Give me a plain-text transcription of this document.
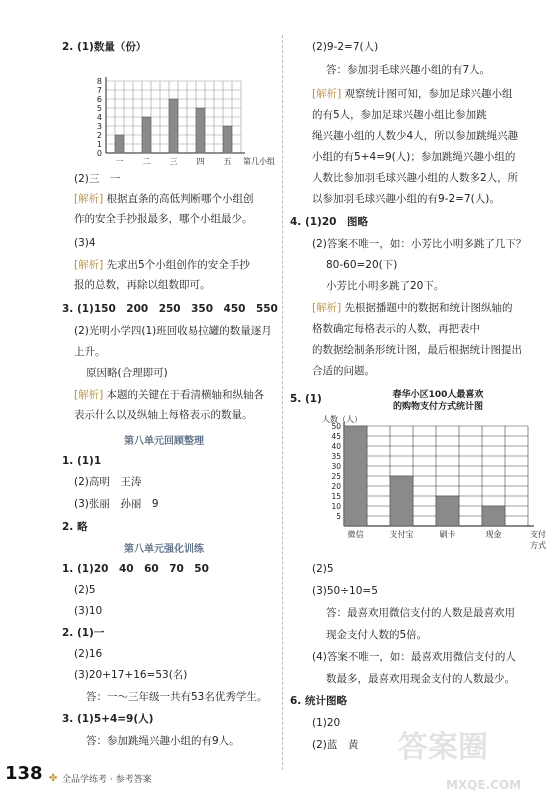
2. (1)数量（份）
8
7
6
5
4
3
2
1
0
一 二 三 四 五 第几小组
(2)三　一
[解析] 根据直条的高低判断哪个小组创
作的安全手抄报最多，哪个小组最少。
(3)4
[解析] 先求出5个小组创作的安全手抄
报的总数，再除以组数即可。
3. (1)150　200　250　350　450　550
(2)光明小学四(1)班回收易拉罐的数量逐月
上升。
原因略(合理即可)
[解析] 本题的关键在于看清横轴和纵轴各
表示什么以及纵轴上每格表示的数量。
第八单元回顾整理
1. (1)1
(2)高明　王涛
(3)张丽　孙丽　9
2. 略
第八单元强化训练
1. (1)20　40　60　70　50
(2)5
(3)10
2. (1)一
(2)16
(3)20+17+16=53(名)
答：一～三年级一共有53名优秀学生。
3. (1)5+4=9(人)
答：参加跳绳兴趣小组的有9人。
(2)9-2=7(人)
答：参加羽毛球兴趣小组的有7人。
[解析] 观察统计图可知，参加足球兴趣小组
的有5人，参加足球兴趣小组比参加跳
绳兴趣小组的人数少4人，所以参加跳绳兴趣
小组的有5+4=9(人)；参加跳绳兴趣小组的
人数比参加羽毛球兴趣小组的人数多2人，所
以参加羽毛球兴趣小组的有9-2=7(人)。
4. (1)20　图略
(2)答案不唯一，如：小芳比小明多跳了几下？
80-60=20(下)
小芳比小明多跳了20下。
[解析] 先根据播题中的数据和统计图纵轴的
格数确定每格表示的人数，再把表中
的数据绘制条形统计图，最后根据统计图提出
合适的问题。
5. (1)	春华小区100人最喜欢
的购物支付方式统计图
人数（人）
50
45
40
35
30
25
20
15
10
5
微信	支付宝	刷卡	现金	支付
方式
(2)5
(3)50÷10=5
答：最喜欢用微信支付的人数是最喜欢用
现金支付人数的5倍。
(4)答案不唯一，如：最喜欢用微信支付的人
数最多，最喜欢用现金支付的人数最少。
6. 统计图略
(1)20
(2)蓝　黄 答案圈
MXQE.COM
138 ✤ 全品学练考 · 参考答案
